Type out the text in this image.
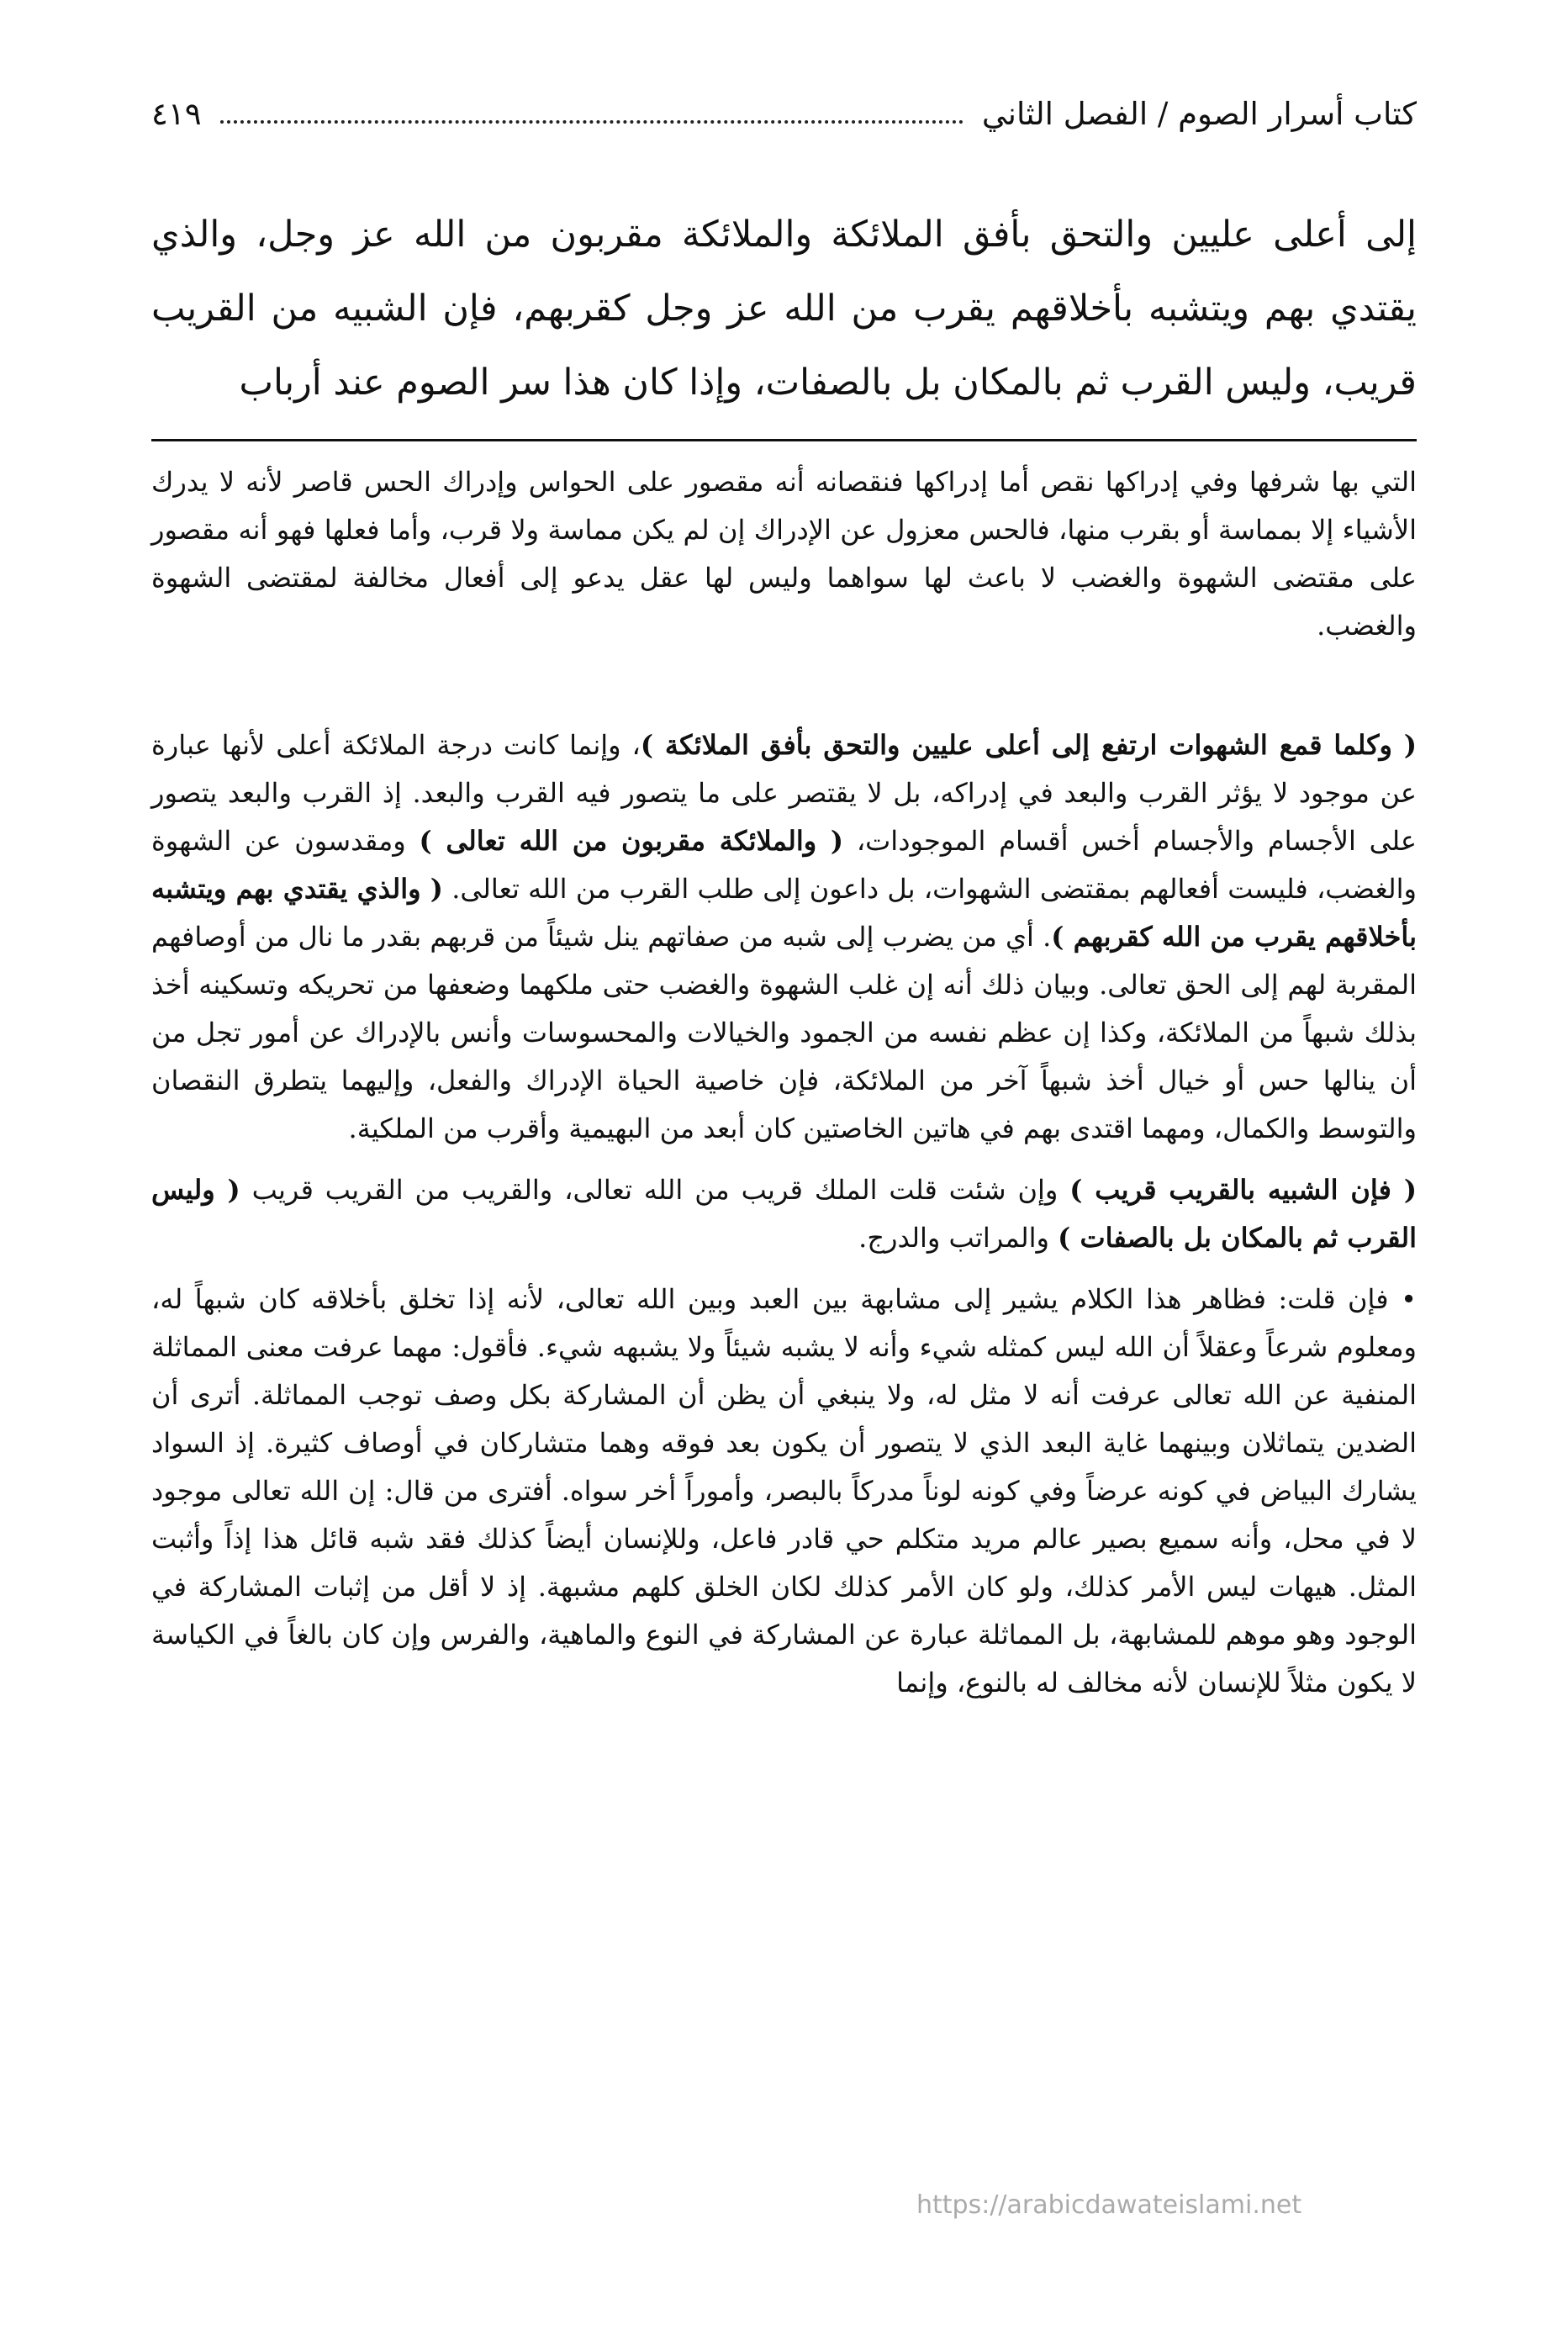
كتاب أسرار الصوم / الفصل الثاني
٤١٩

إلى أعلى عليين والتحق بأفق الملائكة والملائكة مقربون من الله عز وجل، والذي يقتدي بهم ويتشبه بأخلاقهم يقرب من الله عز وجل كقربهم، فإن الشبيه من القريب قريب، وليس القرب ثم بالمكان بل بالصفات، وإذا كان هذا سر الصوم عند أرباب

التي بها شرفها وفي إدراكها نقص أما إدراكها فنقصانه أنه مقصور على الحواس وإدراك الحس قاصر لأنه لا يدرك الأشياء إلا بمماسة أو بقرب منها، فالحس معزول عن الإدراك إن لم يكن مماسة ولا قرب، وأما فعلها فهو أنه مقصور على مقتضى الشهوة والغضب لا باعث لها سواهما وليس لها عقل يدعو إلى أفعال مخالفة لمقتضى الشهوة والغضب.

( وكلما قمع الشهوات ارتفع إلى أعلى عليين والتحق بأفق الملائكة )، وإنما كانت درجة الملائكة أعلى لأنها عبارة عن موجود لا يؤثر القرب والبعد في إدراكه، بل لا يقتصر على ما يتصور فيه القرب والبعد. إذ القرب والبعد يتصور على الأجسام والأجسام أخس أقسام الموجودات، ( والملائكة مقربون من الله تعالى ) ومقدسون عن الشهوة والغضب، فليست أفعالهم بمقتضى الشهوات، بل داعون إلى طلب القرب من الله تعالى. ( والذي يقتدي بهم ويتشبه بأخلاقهم يقرب من الله كقربهم ). أي من يضرب إلى شبه من صفاتهم ينل شيئاً من قربهم بقدر ما نال من أوصافهم المقربة لهم إلى الحق تعالى. وبيان ذلك أنه إن غلب الشهوة والغضب حتى ملكهما وضعفها من تحريكه وتسكينه أخذ بذلك شبهاً من الملائكة، وكذا إن عظم نفسه من الجمود والخيالات والمحسوسات وأنس بالإدراك عن أمور تجل من أن ينالها حس أو خيال أخذ شبهاً آخر من الملائكة، فإن خاصية الحياة الإدراك والفعل، وإليهما يتطرق النقصان والتوسط والكمال، ومهما اقتدى بهم في هاتين الخاصتين كان أبعد من البهيمية وأقرب من الملكية.

( فإن الشبيه بالقريب قريب ) وإن شئت قلت الملك قريب من الله تعالى، والقريب من القريب قريب ( وليس القرب ثم بالمكان بل بالصفات ) والمراتب والدرج.

• فإن قلت: فظاهر هذا الكلام يشير إلى مشابهة بين العبد وبين الله تعالى، لأنه إذا تخلق بأخلاقه كان شبهاً له، ومعلوم شرعاً وعقلاً أن الله ليس كمثله شيء وأنه لا يشبه شيئاً ولا يشبهه شيء. فأقول: مهما عرفت معنى المماثلة المنفية عن الله تعالى عرفت أنه لا مثل له، ولا ينبغي أن يظن أن المشاركة بكل وصف توجب المماثلة. أترى أن الضدين يتماثلان وبينهما غاية البعد الذي لا يتصور أن يكون بعد فوقه وهما متشاركان في أوصاف كثيرة. إذ السواد يشارك البياض في كونه عرضاً وفي كونه لوناً مدركاً بالبصر، وأموراً أخر سواه. أفترى من قال: إن الله تعالى موجود لا في محل، وأنه سميع بصير عالم مريد متكلم حي قادر فاعل، وللإنسان أيضاً كذلك فقد شبه قائل هذا إذاً وأثبت المثل. هيهات ليس الأمر كذلك، ولو كان الأمر كذلك لكان الخلق كلهم مشبهة. إذ لا أقل من إثبات المشاركة في الوجود وهو موهم للمشابهة، بل المماثلة عبارة عن المشاركة في النوع والماهية، والفرس وإن كان بالغاً في الكياسة لا يكون مثلاً للإنسان لأنه مخالف له بالنوع، وإنما

https://arabicdawateislami.net
